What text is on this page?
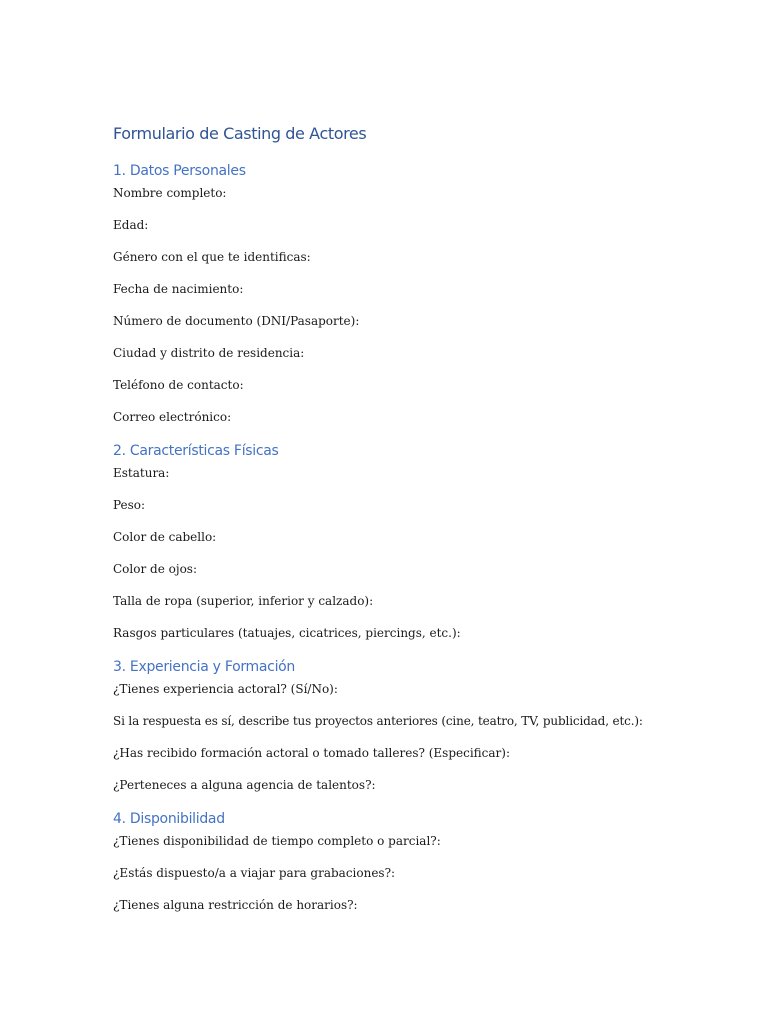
Formulario de Casting de Actores
1. Datos Personales

Nombre completo:

Edad:

Género con el que te identificas:

Fecha de nacimiento:

Número de documento (DNI/Pasaporte):

Ciudad y distrito de residencia:

Teléfono de contacto:

Correo electrónico:

2. Características Físicas

Estatura:

Peso:

Color de cabello:

Color de ojos:

Talla de ropa (superior, inferior y calzado):

Rasgos particulares (tatuajes, cicatrices, piercings, etc.):

3. Experiencia y Formación

¿Tienes experiencia actoral? (Sí/No):

Si la respuesta es sí, describe tus proyectos anteriores (cine, teatro, TV, publicidad, etc.):

¿Has recibido formación actoral o tomado talleres? (Especificar):

¿Perteneces a alguna agencia de talentos?:

4. Disponibilidad

¿Tienes disponibilidad de tiempo completo o parcial?:

¿Estás dispuesto/a a viajar para grabaciones?:

¿Tienes alguna restricción de horarios?:
